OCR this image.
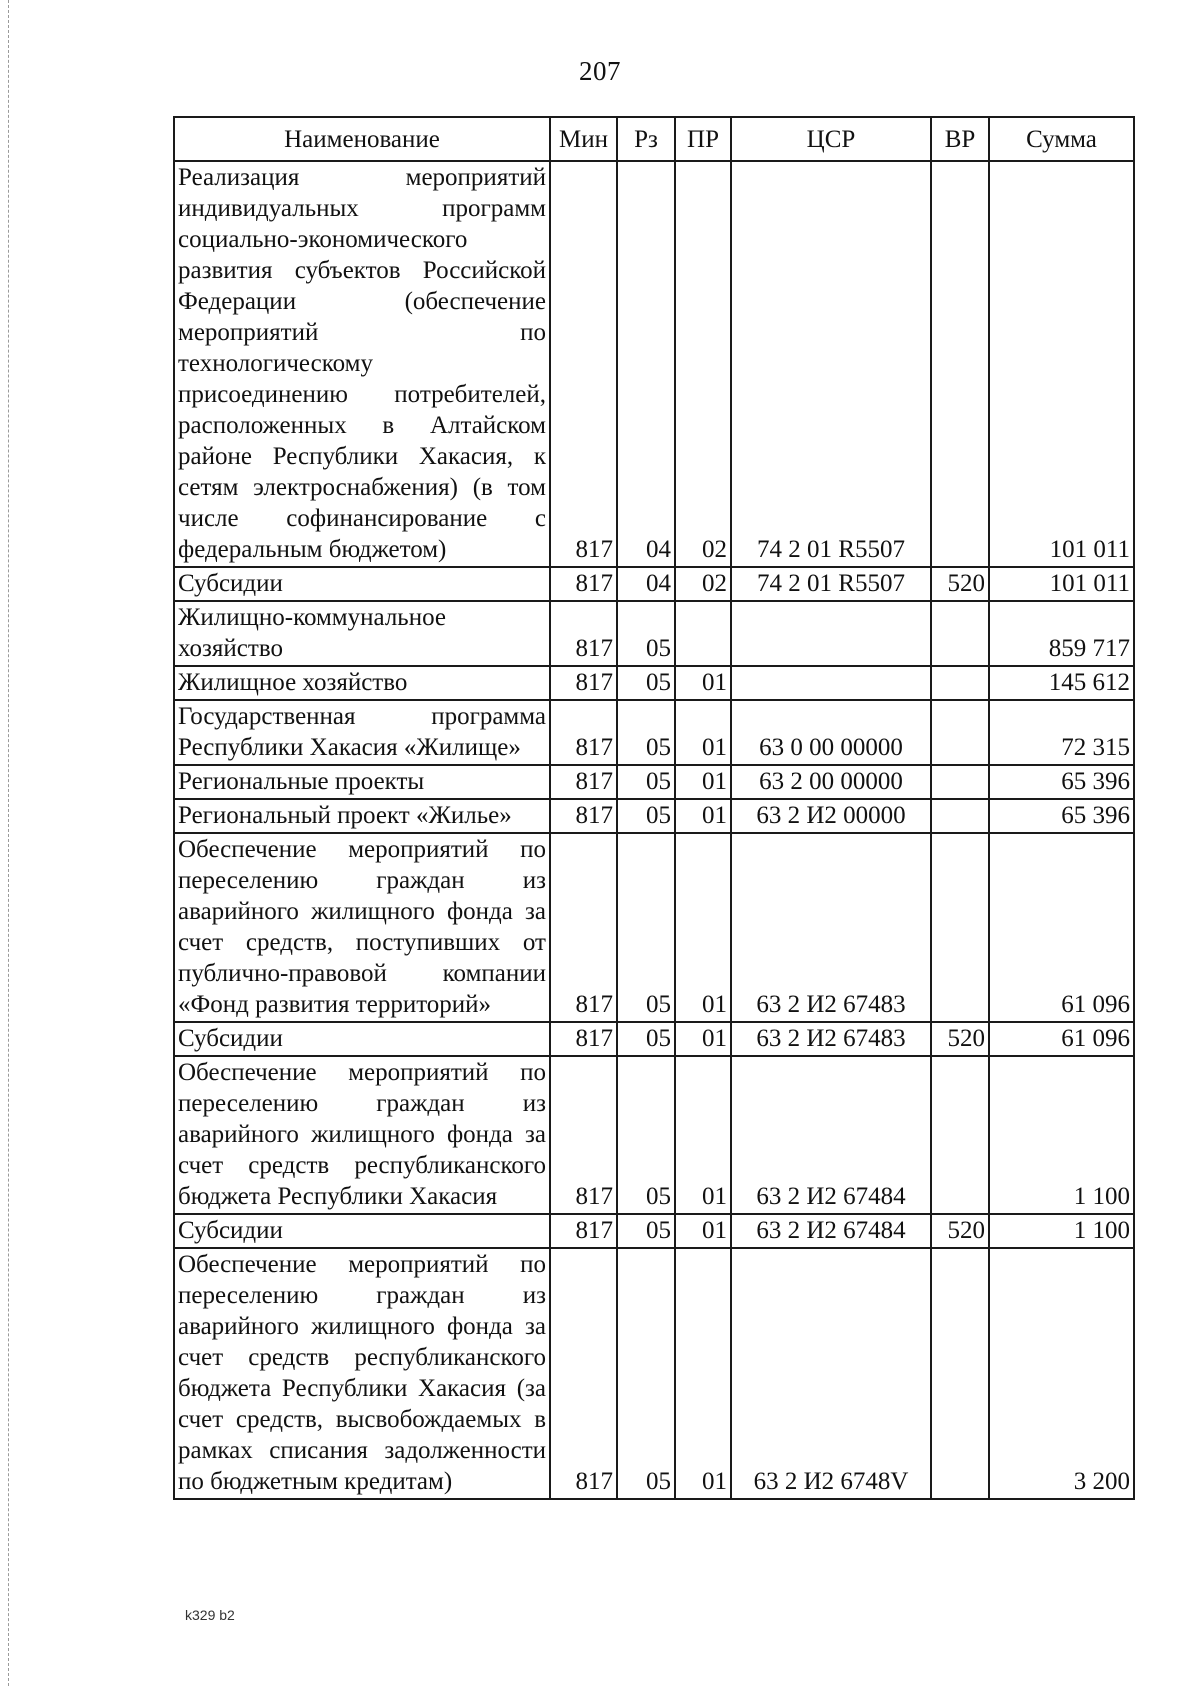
207
Наименование	Мин	Рз	ПР	ЦСР	ВР	Сумма
Реализация мероприятий индивидуальных программ социально-экономического развития субъектов Российской Федерации (обеспечение мероприятий по технологическому присоединению потребителей, расположенных в Алтайском районе Республики Хакасия, к сетям электроснабжения) (в том числе софинансирование с федеральным бюджетом)	817	04	02	74 2 01 R5507		101 011
Субсидии	817	04	02	74 2 01 R5507	520	101 011
Жилищно-коммунальное хозяйство	817	05				859 717
Жилищное хозяйство	817	05	01			145 612
Государственная программа Республики Хакасия «Жилище»	817	05	01	63 0 00 00000		72 315
Региональные проекты	817	05	01	63 2 00 00000		65 396
Региональный проект «Жилье»	817	05	01	63 2 И2 00000		65 396
Обеспечение мероприятий по переселению граждан из аварийного жилищного фонда за счет средств, поступивших от публично-правовой компании «Фонд развития территорий»	817	05	01	63 2 И2 67483		61 096
Субсидии	817	05	01	63 2 И2 67483	520	61 096
Обеспечение мероприятий по переселению граждан из аварийного жилищного фонда за счет средств республиканского бюджета Республики Хакасия	817	05	01	63 2 И2 67484		1 100
Субсидии	817	05	01	63 2 И2 67484	520	1 100
Обеспечение мероприятий по переселению граждан из аварийного жилищного фонда за счет средств республиканского бюджета Республики Хакасия (за счет средств, высвобождаемых в рамках списания задолженности по бюджетным кредитам)	817	05	01	63 2 И2 6748V		3 200
k329 b2
